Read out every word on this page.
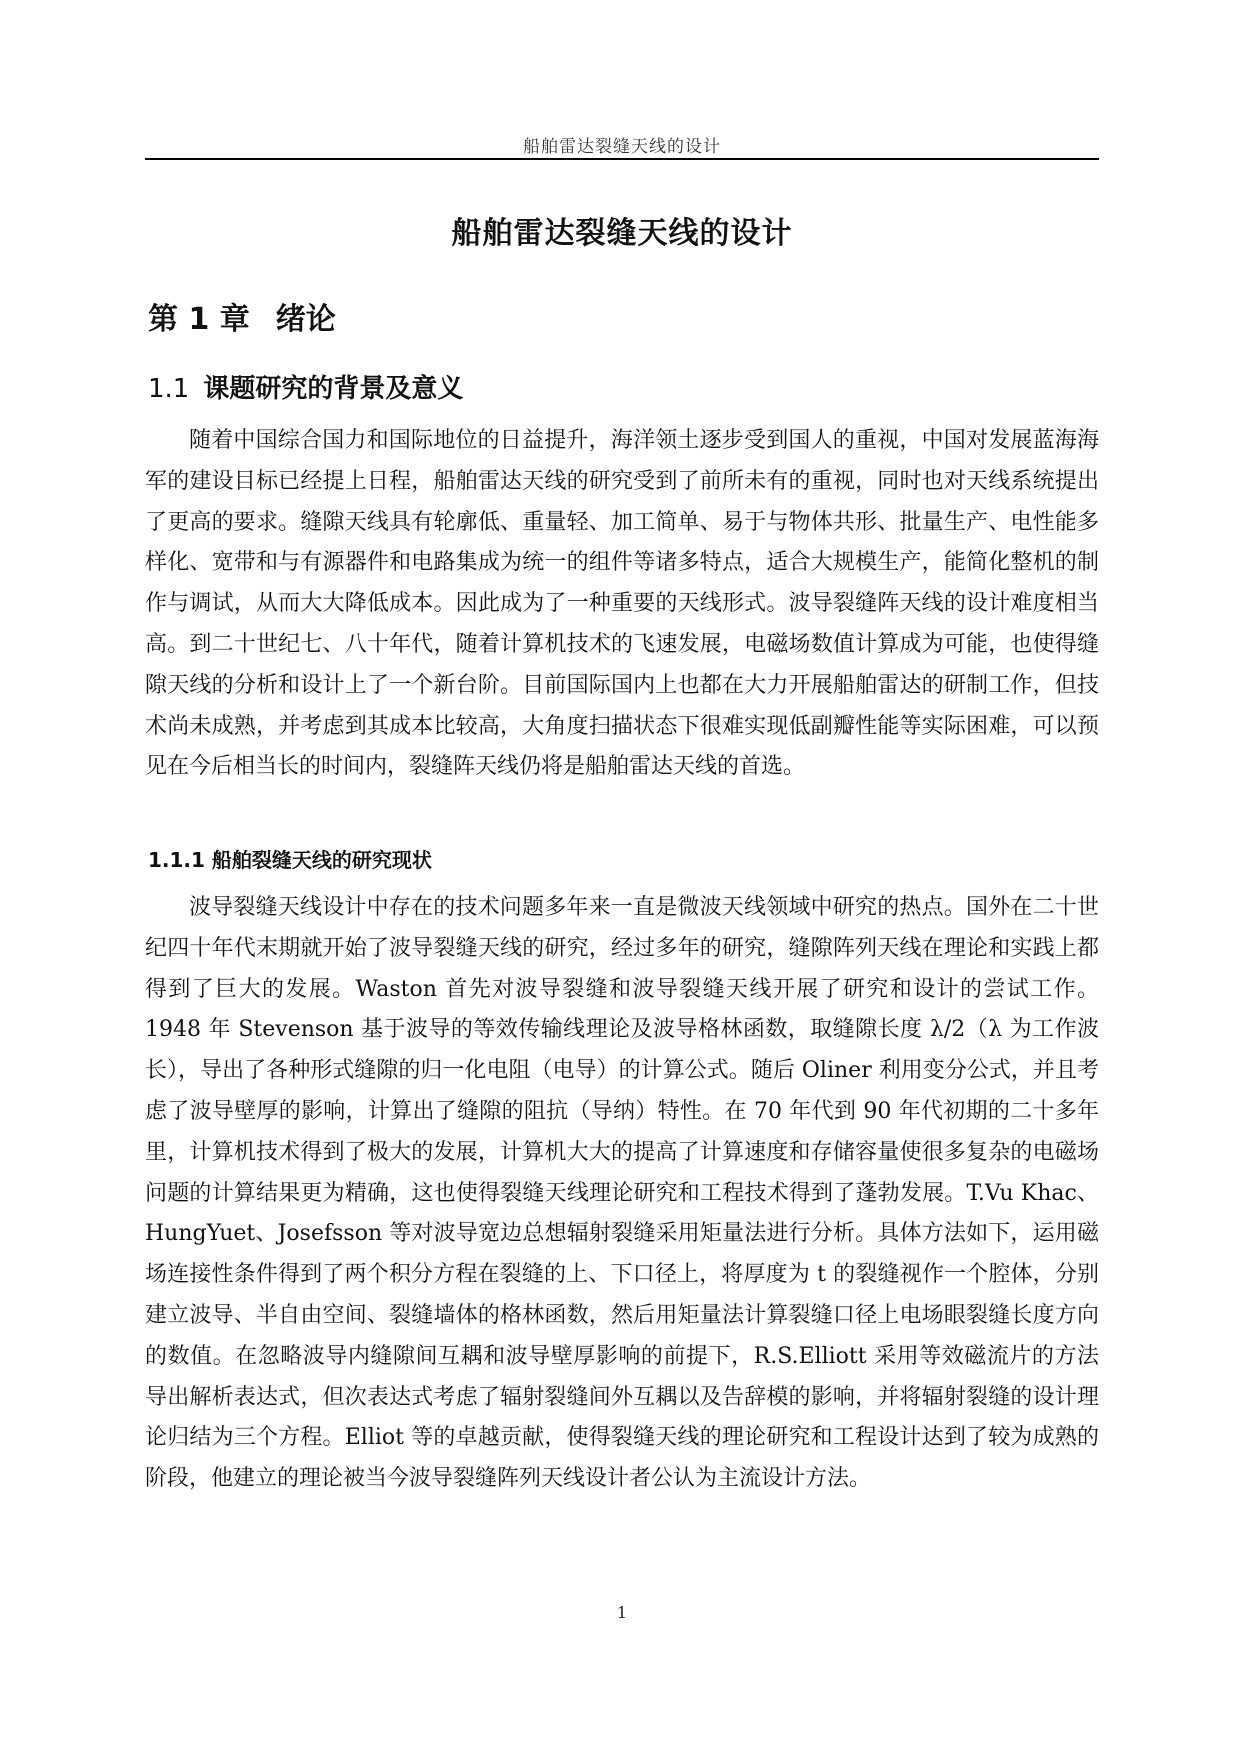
船舶雷达裂缝天线的设计
船舶雷达裂缝天线的设计
第 1 章 绪论
1.1 课题研究的背景及意义

随着中国综合国力和国际地位的日益提升，海洋领土逐步受到国人的重视，中国对发展蓝海海军的建设目标已经提上日程，船舶雷达天线的研究受到了前所未有的重视，同时也对天线系统提出了更高的要求。缝隙天线具有轮廓低、重量轻、加工简单、易于与物体共形、批量生产、电性能多样化、宽带和与有源器件和电路集成为统一的组件等诸多特点，适合大规模生产，能简化整机的制作与调试，从而大大降低成本。因此成为了一种重要的天线形式。波导裂缝阵天线的设计难度相当高。到二十世纪七、八十年代，随着计算机技术的飞速发展，电磁场数值计算成为可能，也使得缝隙天线的分析和设计上了一个新台阶。目前国际国内上也都在大力开展船舶雷达的研制工作，但技术尚未成熟，并考虑到其成本比较高，大角度扫描状态下很难实现低副瓣性能等实际困难，可以预见在今后相当长的时间内，裂缝阵天线仍将是船舶雷达天线的首选。

1.1.1 船舶裂缝天线的研究现状

波导裂缝天线设计中存在的技术问题多年来一直是微波天线领域中研究的热点。国外在二十世纪四十年代末期就开始了波导裂缝天线的研究，经过多年的研究，缝隙阵列天线在理论和实践上都得到了巨大的发展。Waston 首先对波导裂缝和波导裂缝天线开展了研究和设计的尝试工作。1948 年 Stevenson 基于波导的等效传输线理论及波导格林函数，取缝隙长度 λ/2（λ 为工作波长），导出了各种形式缝隙的归一化电阻（电导）的计算公式。随后 Oliner 利用变分公式，并且考虑了波导壁厚的影响，计算出了缝隙的阻抗（导纳）特性。在 70 年代到 90 年代初期的二十多年里，计算机技术得到了极大的发展，计算机大大的提高了计算速度和存储容量使很多复杂的电磁场问题的计算结果更为精确，这也使得裂缝天线理论研究和工程技术得到了蓬勃发展。T.Vu Khac、HungYuet、Josefsson 等对波导宽边总想辐射裂缝采用矩量法进行分析。具体方法如下，运用磁场连接性条件得到了两个积分方程在裂缝的上、下口径上，将厚度为 t 的裂缝视作一个腔体，分别建立波导、半自由空间、裂缝墙体的格林函数，然后用矩量法计算裂缝口径上电场眼裂缝长度方向的数值。在忽略波导内缝隙间互耦和波导壁厚影响的前提下，R.S.Elliott 采用等效磁流片的方法导出解析表达式，但次表达式考虑了辐射裂缝间外互耦以及告辞模的影响，并将辐射裂缝的设计理论归结为三个方程。Elliot 等的卓越贡献，使得裂缝天线的理论研究和工程设计达到了较为成熟的阶段，他建立的理论被当今波导裂缝阵列天线设计者公认为主流设计方法。

1
